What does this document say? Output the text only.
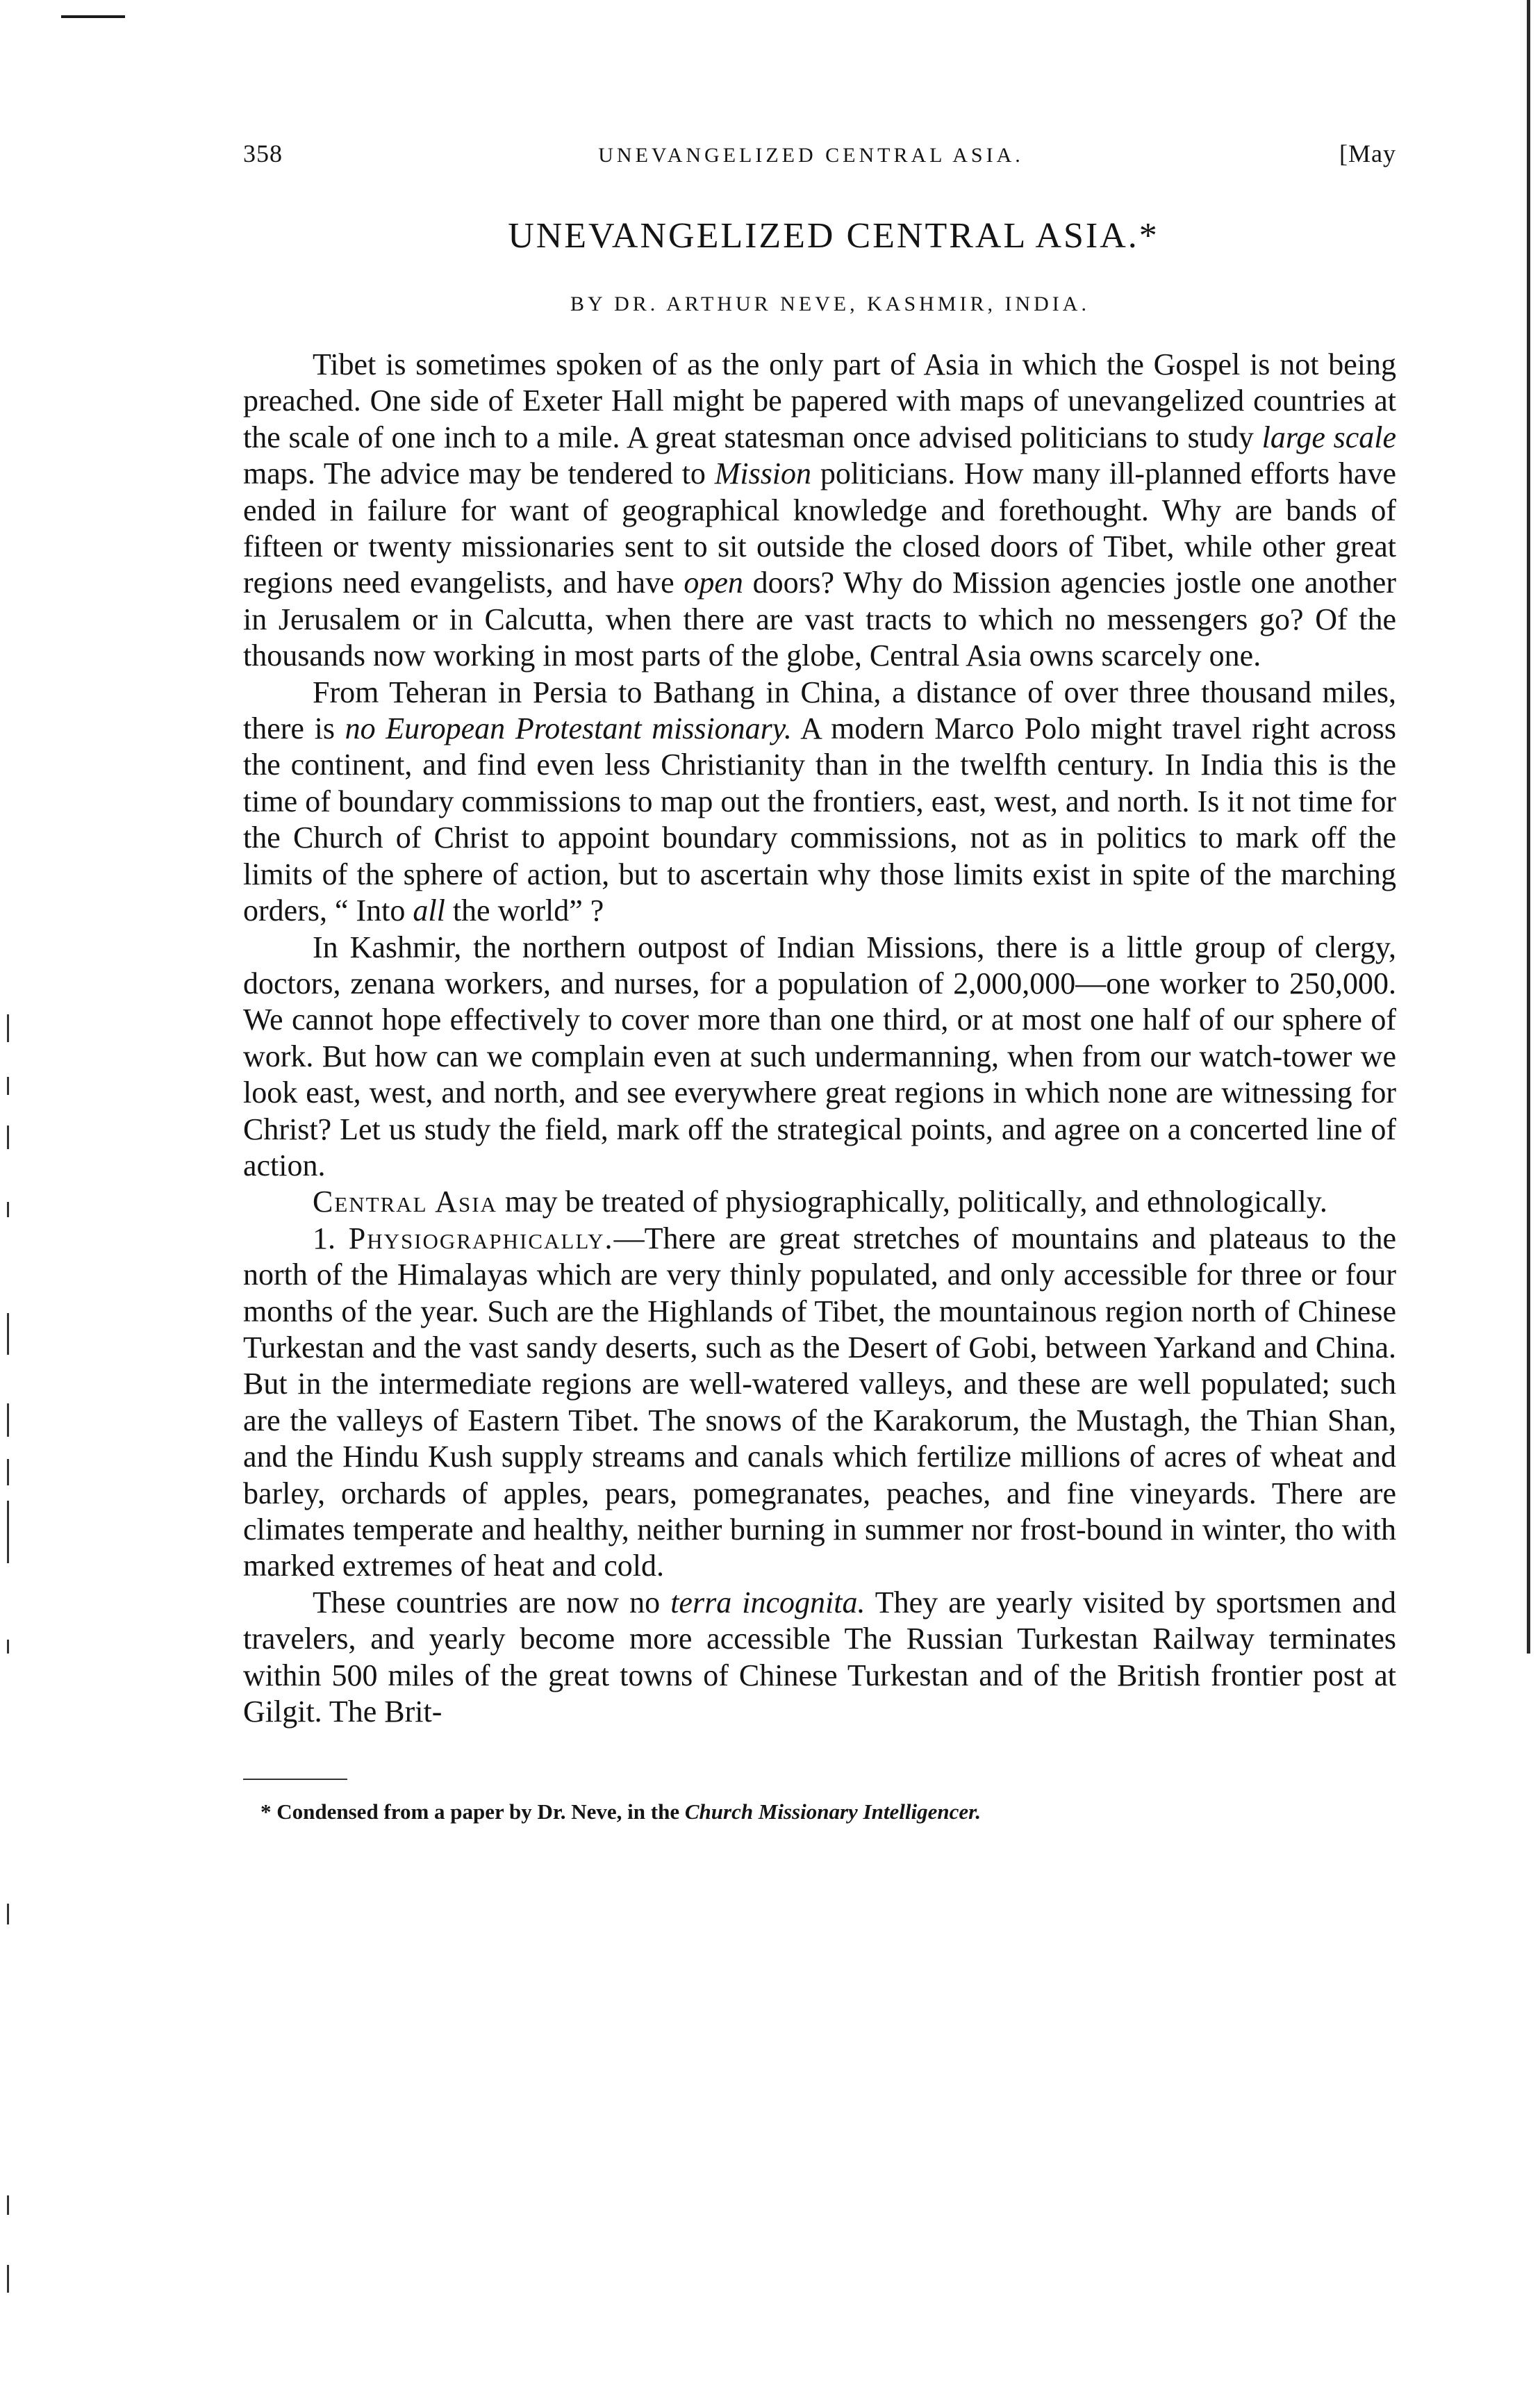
358	UNEVANGELIZED CENTRAL ASIA.	[May
UNEVANGELIZED CENTRAL ASIA.*
BY DR. ARTHUR NEVE, KASHMIR, INDIA.

Tibet is sometimes spoken of as the only part of Asia in which the Gospel is not being preached. One side of Exeter Hall might be papered with maps of unevangelized countries at the scale of one inch to a mile. A great statesman once advised politicians to study large scale maps. The advice may be tendered to Mission politicians. How many ill-planned efforts have ended in failure for want of geographical knowledge and forethought. Why are bands of fifteen or twenty missionaries sent to sit outside the closed doors of Tibet, while other great regions need evangelists, and have open doors? Why do Mission agencies jostle one another in Jerusalem or in Calcutta, when there are vast tracts to which no messengers go? Of the thousands now working in most parts of the globe, Central Asia owns scarcely one.

From Teheran in Persia to Bathang in China, a distance of over three thousand miles, there is no European Protestant missionary. A modern Marco Polo might travel right across the continent, and find even less Christianity than in the twelfth century. In India this is the time of boundary commissions to map out the frontiers, east, west, and north. Is it not time for the Church of Christ to appoint boundary commissions, not as in politics to mark off the limits of the sphere of action, but to ascertain why those limits exist in spite of the marching orders, “ Into all the world” ?

In Kashmir, the northern outpost of Indian Missions, there is a little group of clergy, doctors, zenana workers, and nurses, for a population of 2,000,000—one worker to 250,000. We cannot hope effectively to cover more than one third, or at most one half of our sphere of work. But how can we complain even at such undermanning, when from our watch-tower we look east, west, and north, and see everywhere great regions in which none are witnessing for Christ? Let us study the field, mark off the strategical points, and agree on a concerted line of action.

Central Asia may be treated of physiographically, politically, and ethnologically.

1. Physiographically.—There are great stretches of mountains and plateaus to the north of the Himalayas which are very thinly populated, and only accessible for three or four months of the year. Such are the Highlands of Tibet, the mountainous region north of Chinese Turkestan and the vast sandy deserts, such as the Desert of Gobi, between Yarkand and China. But in the intermediate regions are well-watered valleys, and these are well populated; such are the valleys of Eastern Tibet. The snows of the Karakorum, the Mustagh, the Thian Shan, and the Hindu Kush supply streams and canals which fertilize millions of acres of wheat and barley, orchards of apples, pears, pomegranates, peaches, and fine vineyards. There are climates temperate and healthy, neither burning in summer nor frost-bound in winter, tho with marked extremes of heat and cold.

These countries are now no terra incognita. They are yearly visited by sportsmen and travelers, and yearly become more accessible The Russian Turkestan Railway terminates within 500 miles of the great towns of Chinese Turkestan and of the British frontier post at Gilgit. The Brit-

* Condensed from a paper by Dr. Neve, in the Church Missionary Intelligencer.
